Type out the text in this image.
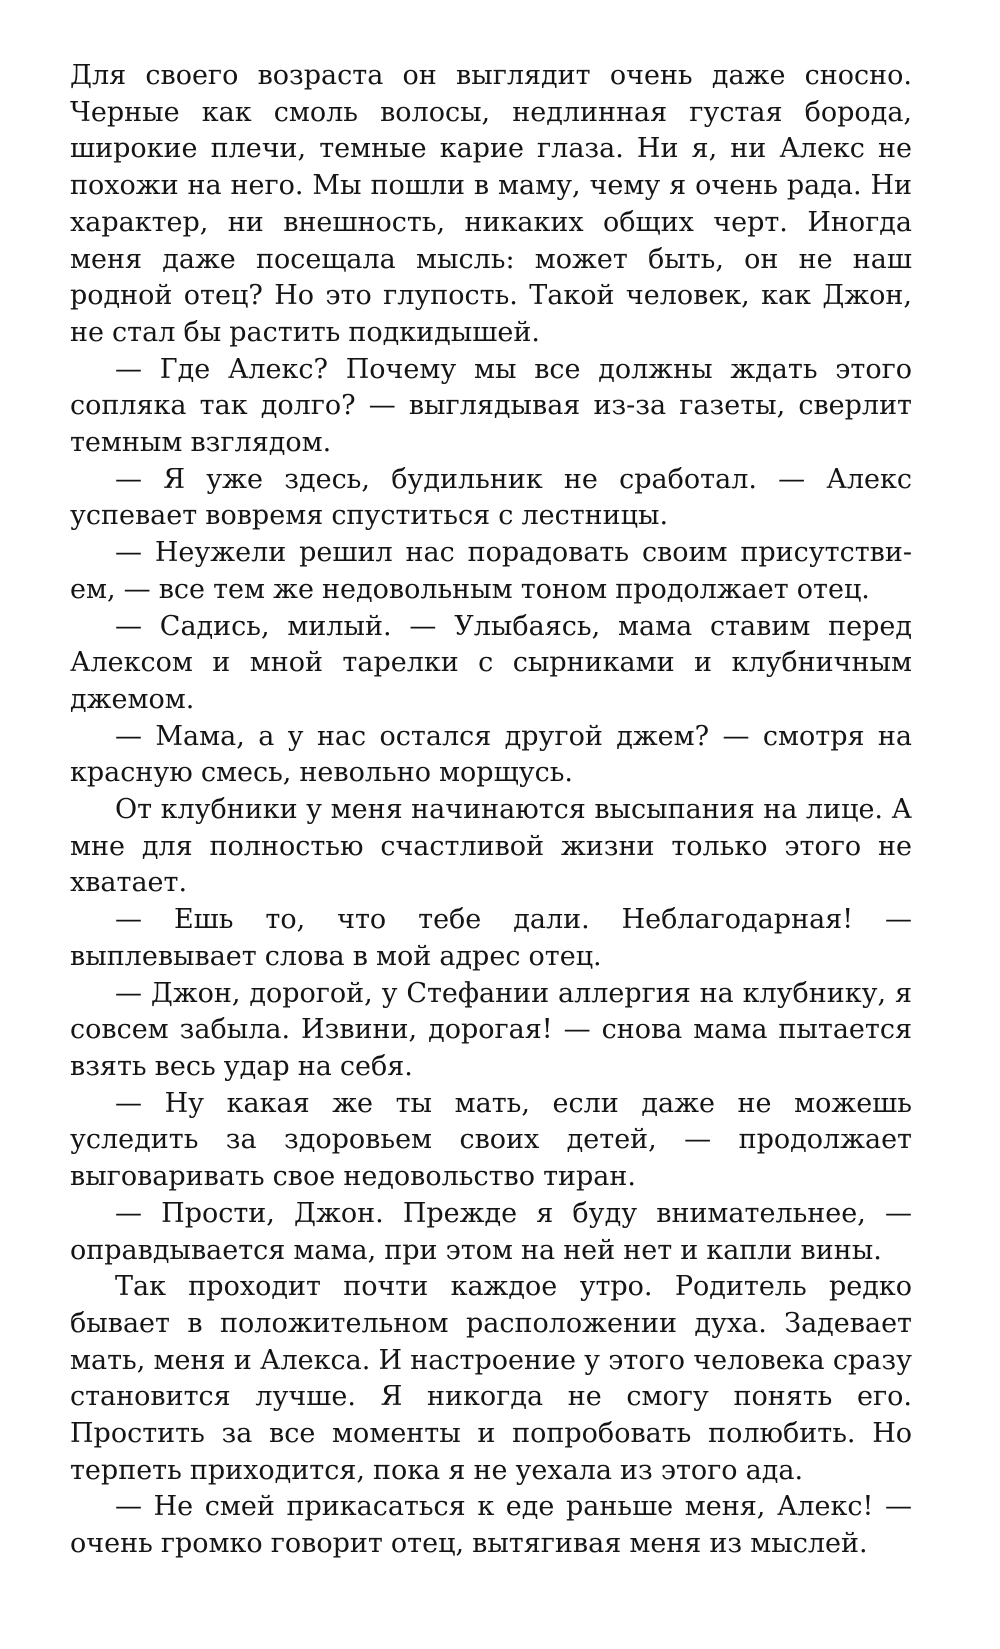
Для своего возраста он выглядит очень даже сносно. Черные как смоль волосы, недлинная густая борода, широкие плечи, темные карие глаза. Ни я, ни Алекс не похожи на него. Мы пошли в маму, чему я очень рада. Ни характер, ни внешность, никаких общих черт. Иногда меня даже посещала мысль: может быть, он не наш родной отец? Но это глупость. Такой человек, как Джон, не стал бы растить подкидышей.

— Где Алекс? Почему мы все должны ждать этого сопляка так долго? — выглядывая из-за газеты, сверлит темным взглядом.

— Я уже здесь, будильник не сработал. — Алекс успевает вовремя спуститься с лестницы.

— Неужели решил нас порадовать своим присутствием, — все тем же недовольным тоном продолжает отец.

— Садись, милый. — Улыбаясь, мама ставим перед Алексом и мной тарелки с сырниками и клубничным джемом.

— Мама, а у нас остался другой джем? — смотря на красную смесь, невольно морщусь.

От клубники у меня начинаются высыпания на лице. А мне для полностью счастливой жизни только этого не хватает.

— Ешь то, что тебе дали. Неблагодарная! — выплевывает слова в мой адрес отец.

— Джон, дорогой, у Стефании аллергия на клубнику, я совсем забыла. Извини, дорогая! — снова мама пытается взять весь удар на себя.

— Ну какая же ты мать, если даже не можешь уследить за здоровьем своих детей, — продолжает выговаривать свое недовольство тиран.

— Прости, Джон. Прежде я буду внимательнее, — оправдывается мама, при этом на ней нет и капли вины.

Так проходит почти каждое утро. Родитель редко бывает в положительном расположении духа. Задевает мать, меня и Алекса. И настроение у этого человека сразу становится лучше. Я никогда не смогу понять его. Простить за все моменты и попробовать полюбить. Но терпеть приходится, пока я не уехала из этого ада.

— Не смей прикасаться к еде раньше меня, Алекс! — очень громко говорит отец, вытягивая меня из мыслей.
